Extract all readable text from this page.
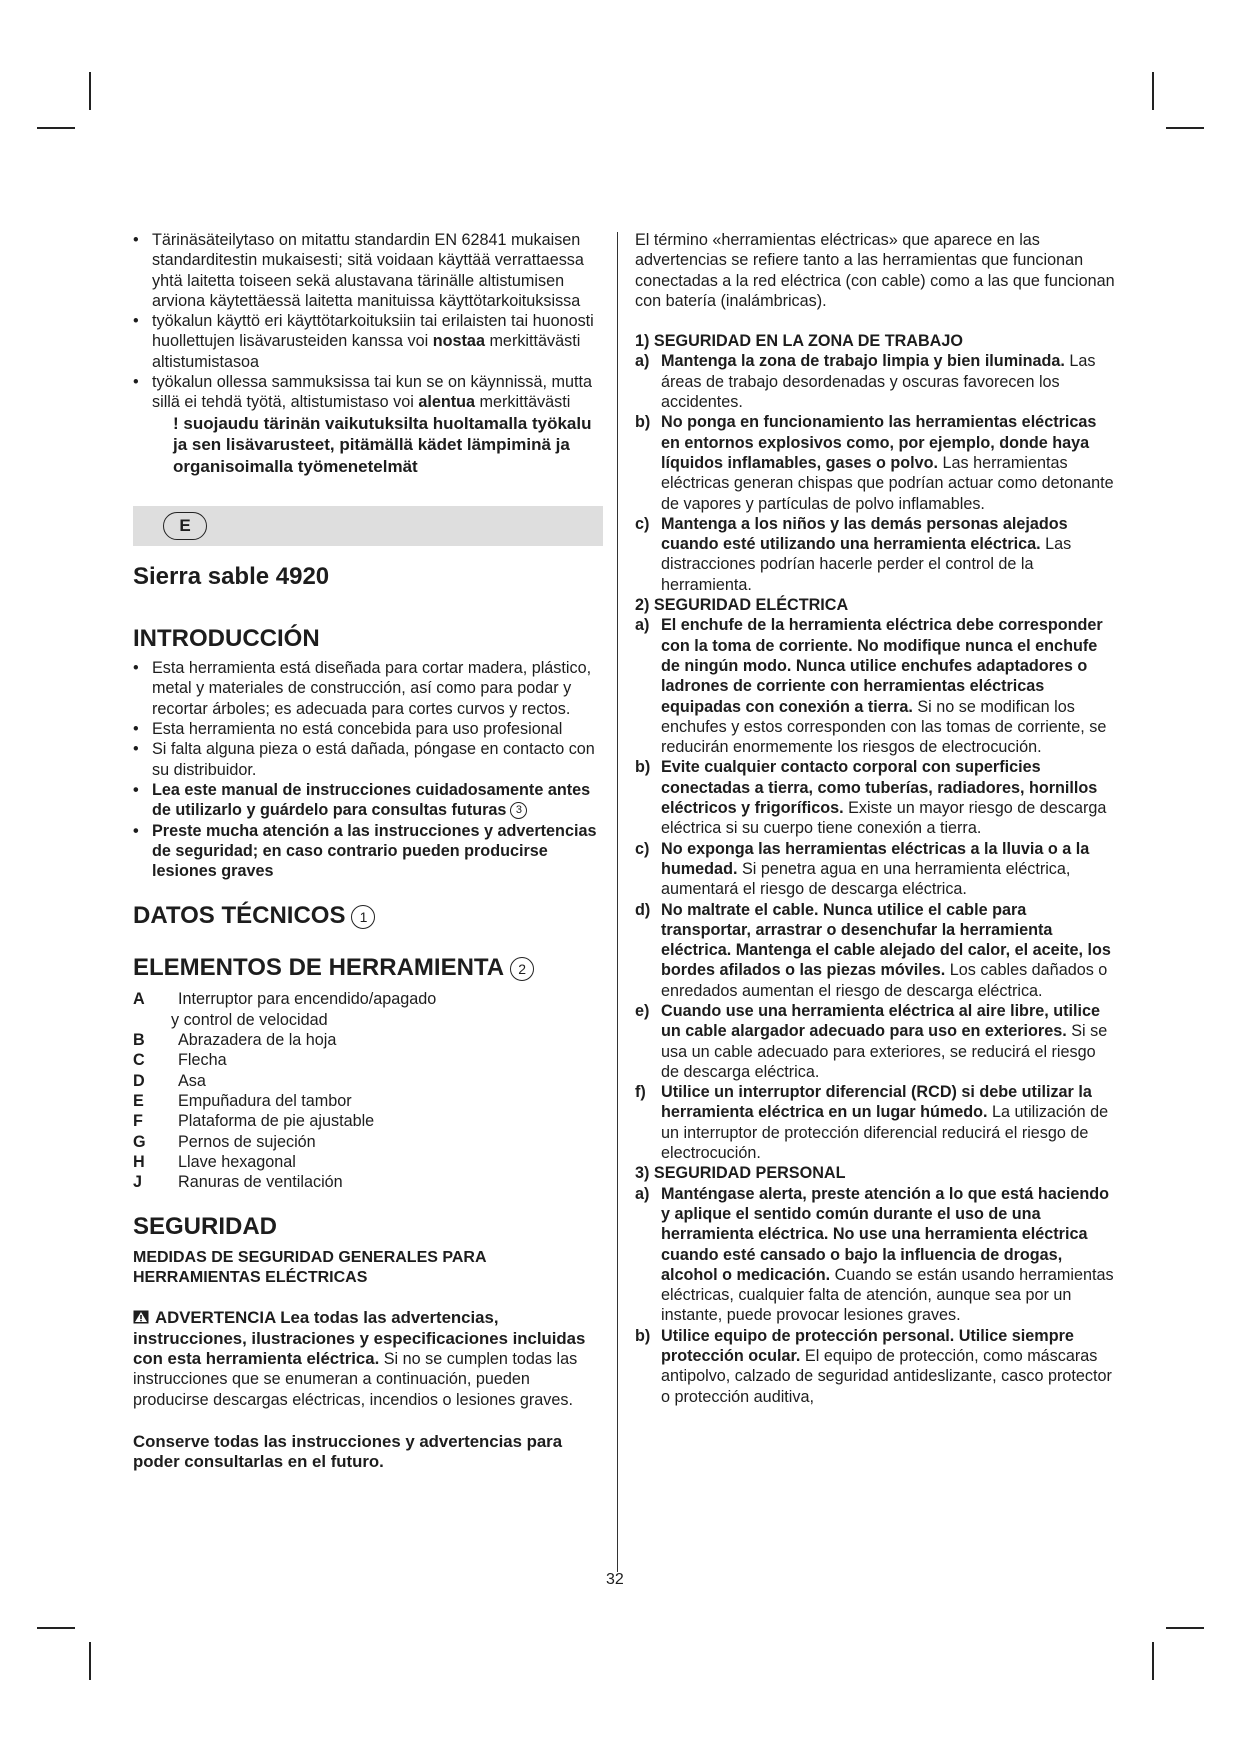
• Tärinäsäteilytaso on mitattu standardin EN 62841 mukaisen standarditestin mukaisesti; sitä voidaan käyttää verrattaessa yhtä laitetta toiseen sekä alustavana tärinälle altistumisen arviona käytettäessä laitetta manituissa käyttötarkoituksissa
• työkalun käyttö eri käyttötarkoituksiin tai erilaisten tai huonosti huollettujen lisävarusteiden kanssa voi nostaa merkittävästi altistumistasoa
• työkalun ollessa sammuksissa tai kun se on käynnissä, mutta sillä ei tehdä työtä, altistumistaso voi alentua merkittävästi
! suojaudu tärinän vaikutuksilta huoltamalla työkalu ja sen lisävarusteet, pitämällä kädet lämpiminä ja organisoimalla työmenetelmät
E
Sierra sable 4920
INTRODUCCIÓN
• Esta herramienta está diseñada para cortar madera, plástico, metal y materiales de construcción, así como para podar y recortar árboles; es adecuada para cortes curvos y rectos.
• Esta herramienta no está concebida para uso profesional
• Si falta alguna pieza o está dañada, póngase en contacto con su distribuidor.
• Lea este manual de instrucciones cuidadosamente antes de utilizarlo y guárdelo para consultas futuras 3
• Preste mucha atención a las instrucciones y advertencias de seguridad; en caso contrario pueden producirse lesiones graves
DATOS TÉCNICOS 1
ELEMENTOS DE HERRAMIENTA 2
A	Interruptor para encendido/apagado
y control de velocidad
B	Abrazadera de la hoja
C	Flecha
D	Asa
E	Empuñadura del tambor
F	Plataforma de pie ajustable
G	Pernos de sujeción
H	Llave hexagonal
J	Ranuras de ventilación
SEGURIDAD

MEDIDAS DE SEGURIDAD GENERALES PARA HERRAMIENTAS ELÉCTRICAS

ADVERTENCIA Lea todas las advertencias, instrucciones, ilustraciones y especificaciones incluidas con esta herramienta eléctrica. Si no se cumplen todas las instrucciones que se enumeran a continuación, pueden producirse descargas eléctricas, incendios o lesiones graves.

Conserve todas las instrucciones y advertencias para poder consultarlas en el futuro.

El término «herramientas eléctricas» que aparece en las advertencias se refiere tanto a las herramientas que funcionan conectadas a la red eléctrica (con cable) como a las que funcionan con batería (inalámbricas).

1) SEGURIDAD EN LA ZONA DE TRABAJO
a) Mantenga la zona de trabajo limpia y bien iluminada. Las áreas de trabajo desordenadas y oscuras favorecen los accidentes.
b) No ponga en funcionamiento las herramientas eléctricas en entornos explosivos como, por ejemplo, donde haya líquidos inflamables, gases o polvo. Las herramientas eléctricas generan chispas que podrían actuar como detonante de vapores y partículas de polvo inflamables.
c) Mantenga a los niños y las demás personas alejados cuando esté utilizando una herramienta eléctrica. Las distracciones podrían hacerle perder el control de la herramienta.
2) SEGURIDAD ELÉCTRICA
a) El enchufe de la herramienta eléctrica debe corresponder con la toma de corriente. No modifique nunca el enchufe de ningún modo. Nunca utilice enchufes adaptadores o ladrones de corriente con herramientas eléctricas equipadas con conexión a tierra. Si no se modifican los enchufes y estos corresponden con las tomas de corriente, se reducirán enormemente los riesgos de electrocución.
b) Evite cualquier contacto corporal con superficies conectadas a tierra, como tuberías, radiadores, hornillos eléctricos y frigoríficos. Existe un mayor riesgo de descarga eléctrica si su cuerpo tiene conexión a tierra.
c) No exponga las herramientas eléctricas a la lluvia o a la humedad. Si penetra agua en una herramienta eléctrica, aumentará el riesgo de descarga eléctrica.
d) No maltrate el cable. Nunca utilice el cable para transportar, arrastrar o desenchufar la herramienta eléctrica. Mantenga el cable alejado del calor, el aceite, los bordes afilados o las piezas móviles. Los cables dañados o enredados aumentan el riesgo de descarga eléctrica.
e) Cuando use una herramienta eléctrica al aire libre, utilice un cable alargador adecuado para uso en exteriores. Si se usa un cable adecuado para exteriores, se reducirá el riesgo de descarga eléctrica.
f) Utilice un interruptor diferencial (RCD) si debe utilizar la herramienta eléctrica en un lugar húmedo. La utilización de un interruptor de protección diferencial reducirá el riesgo de electrocución.
3) SEGURIDAD PERSONAL
a) Manténgase alerta, preste atención a lo que está haciendo y aplique el sentido común durante el uso de una herramienta eléctrica. No use una herramienta eléctrica cuando esté cansado o bajo la influencia de drogas, alcohol o medicación. Cuando se están usando herramientas eléctricas, cualquier falta de atención, aunque sea por un instante, puede provocar lesiones graves.
b) Utilice equipo de protección personal. Utilice siempre protección ocular. El equipo de protección, como máscaras antipolvo, calzado de seguridad antideslizante, casco protector o protección auditiva,
32
